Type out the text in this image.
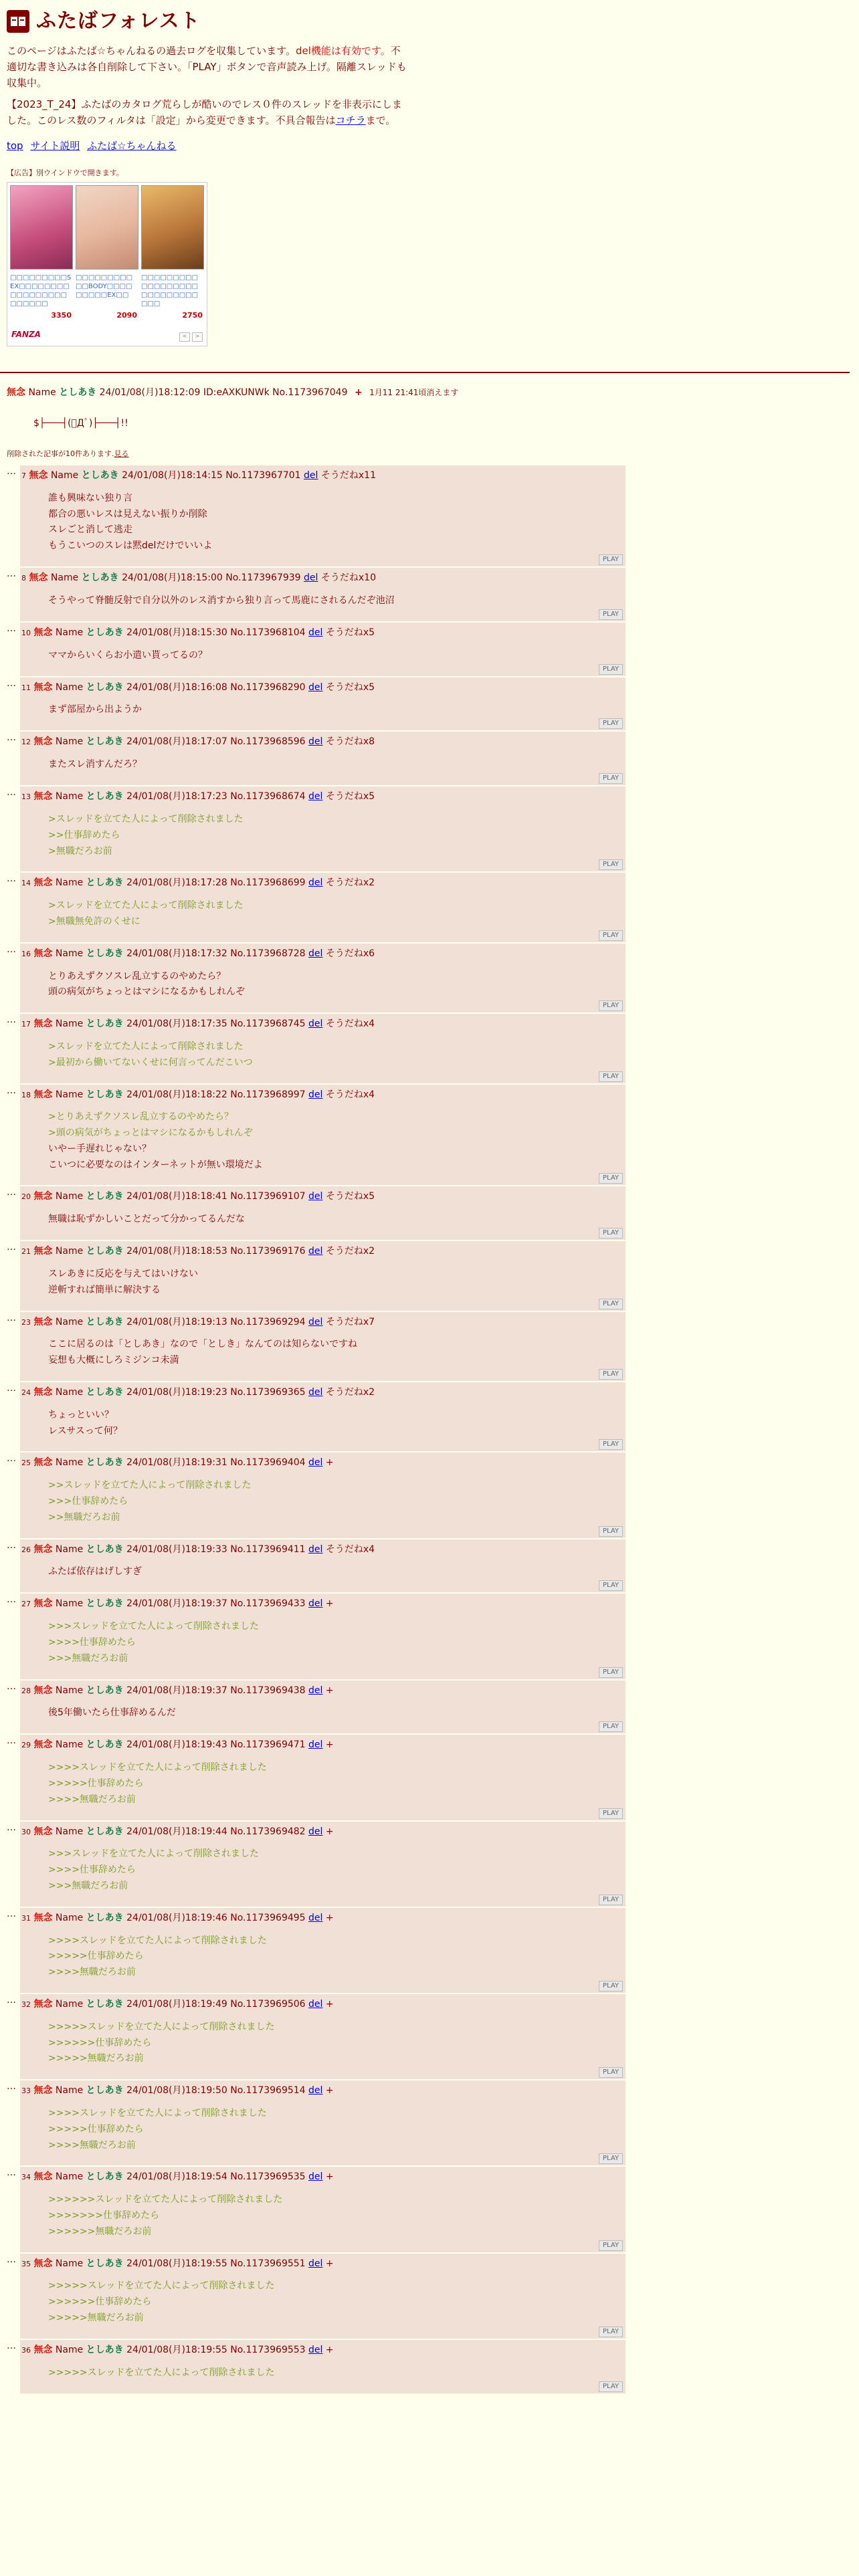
ふたばフォレスト

このページはふたば☆ちゃんねるの過去ログを収集しています。del機能は有効です。不適切な書き込みは各自削除して下さい。「PLAY」ボタンで音声読み上げ。隔離スレッドも収集中。

【2023_T_24】ふたばのカタログ荒らしが酷いのでレス０件のスレッドを非表示にしました。このレス数のフィルタは「設定」から変更できます。不具合報告はコチラまで。

top サイト説明 ふたば☆ちゃんねる
【広告】別ウインドウで開きます。
□□□□□□□□□SEX□□□□□□□□□□□□□□□□□□□□□□□
3350
□□□□□□□□□□□BODY□□□□□□□□□EX□□
2090
□□□□□□□□□□□□□□□□□□□□□□□□□□□□□□
2750
FANZA	<	>
無念 Name としあき 24/01/08(月)18:12:09 ID:eAXKUNWk No.1173967049 + 1月11 21:41頃消えます
$├───┤(ﾟДﾟ)├───┤!!
削除された記事が10件あります.見る
… 7 無念 Name としあき 24/01/08(月)18:14:15 No.1173967701 del そうだねx11
誰も興味ない独り言
都合の悪いレスは見えない振りか削除
スレごと消して逃走
もうこいつのスレは黙delだけでいいよ
PLAY
… 8 無念 Name としあき 24/01/08(月)18:15:00 No.1173967939 del そうだねx10
そうやって脊髄反射で自分以外のレス消すから独り言って馬鹿にされるんだぞ池沼
PLAY
… 10 無念 Name としあき 24/01/08(月)18:15:30 No.1173968104 del そうだねx5
ママからいくらお小遣い貰ってるの？
PLAY
… 11 無念 Name としあき 24/01/08(月)18:16:08 No.1173968290 del そうだねx5
まず部屋から出ようか
PLAY
… 12 無念 Name としあき 24/01/08(月)18:17:07 No.1173968596 del そうだねx8
またスレ消すんだろ？
PLAY
… 13 無念 Name としあき 24/01/08(月)18:17:23 No.1173968674 del そうだねx5
>スレッドを立てた人によって削除されました
>>仕事辞めたら
>無職だろお前
PLAY
… 14 無念 Name としあき 24/01/08(月)18:17:28 No.1173968699 del そうだねx2
>スレッドを立てた人によって削除されました
>無職無免許のくせに
PLAY
… 16 無念 Name としあき 24/01/08(月)18:17:32 No.1173968728 del そうだねx6
とりあえずクソスレ乱立するのやめたら？
頭の病気がちょっとはマシになるかもしれんぞ
PLAY
… 17 無念 Name としあき 24/01/08(月)18:17:35 No.1173968745 del そうだねx4
>スレッドを立てた人によって削除されました
>最初から働いてないくせに何言ってんだこいつ
PLAY
… 18 無念 Name としあき 24/01/08(月)18:18:22 No.1173968997 del そうだねx4
>とりあえずクソスレ乱立するのやめたら？
>頭の病気がちょっとはマシになるかもしれんぞ
いやー手遅れじゃない？
こいつに必要なのはインターネットが無い環境だよ
PLAY
… 20 無念 Name としあき 24/01/08(月)18:18:41 No.1173969107 del そうだねx5
無職は恥ずかしいことだって分かってるんだな
PLAY
… 21 無念 Name としあき 24/01/08(月)18:18:53 No.1173969176 del そうだねx2
スレあきに反応を与えてはいけない
逆斬すれば簡単に解決する
PLAY
… 23 無念 Name としあき 24/01/08(月)18:19:13 No.1173969294 del そうだねx7
ここに居るのは「としあき」なので「としき」なんてのは知らないですね
妄想も大概にしろミジンコ未満
PLAY
… 24 無念 Name としあき 24/01/08(月)18:19:23 No.1173969365 del そうだねx2
ちょっといい？
レスサスって何？
PLAY
… 25 無念 Name としあき 24/01/08(月)18:19:31 No.1173969404 del +
>>スレッドを立てた人によって削除されました
>>>仕事辞めたら
>>無職だろお前
PLAY
… 26 無念 Name としあき 24/01/08(月)18:19:33 No.1173969411 del そうだねx4
ふたば依存はげしすぎ
PLAY
… 27 無念 Name としあき 24/01/08(月)18:19:37 No.1173969433 del +
>>>スレッドを立てた人によって削除されました
>>>>仕事辞めたら
>>>無職だろお前
PLAY
… 28 無念 Name としあき 24/01/08(月)18:19:37 No.1173969438 del +
後5年働いたら仕事辞めるんだ
PLAY
… 29 無念 Name としあき 24/01/08(月)18:19:43 No.1173969471 del +
>>>>スレッドを立てた人によって削除されました
>>>>>仕事辞めたら
>>>>無職だろお前
PLAY
… 30 無念 Name としあき 24/01/08(月)18:19:44 No.1173969482 del +
>>>スレッドを立てた人によって削除されました
>>>>仕事辞めたら
>>>無職だろお前
PLAY
… 31 無念 Name としあき 24/01/08(月)18:19:46 No.1173969495 del +
>>>>スレッドを立てた人によって削除されました
>>>>>仕事辞めたら
>>>>無職だろお前
PLAY
… 32 無念 Name としあき 24/01/08(月)18:19:49 No.1173969506 del +
>>>>>スレッドを立てた人によって削除されました
>>>>>>仕事辞めたら
>>>>>無職だろお前
PLAY
… 33 無念 Name としあき 24/01/08(月)18:19:50 No.1173969514 del +
>>>>スレッドを立てた人によって削除されました
>>>>>仕事辞めたら
>>>>無職だろお前
PLAY
… 34 無念 Name としあき 24/01/08(月)18:19:54 No.1173969535 del +
>>>>>>スレッドを立てた人によって削除されました
>>>>>>>仕事辞めたら
>>>>>>無職だろお前
PLAY
… 35 無念 Name としあき 24/01/08(月)18:19:55 No.1173969551 del +
>>>>>スレッドを立てた人によって削除されました
>>>>>>仕事辞めたら
>>>>>無職だろお前
PLAY
… 36 無念 Name としあき 24/01/08(月)18:19:55 No.1173969553 del +
>>>>>スレッドを立てた人によって削除されました
PLAY
